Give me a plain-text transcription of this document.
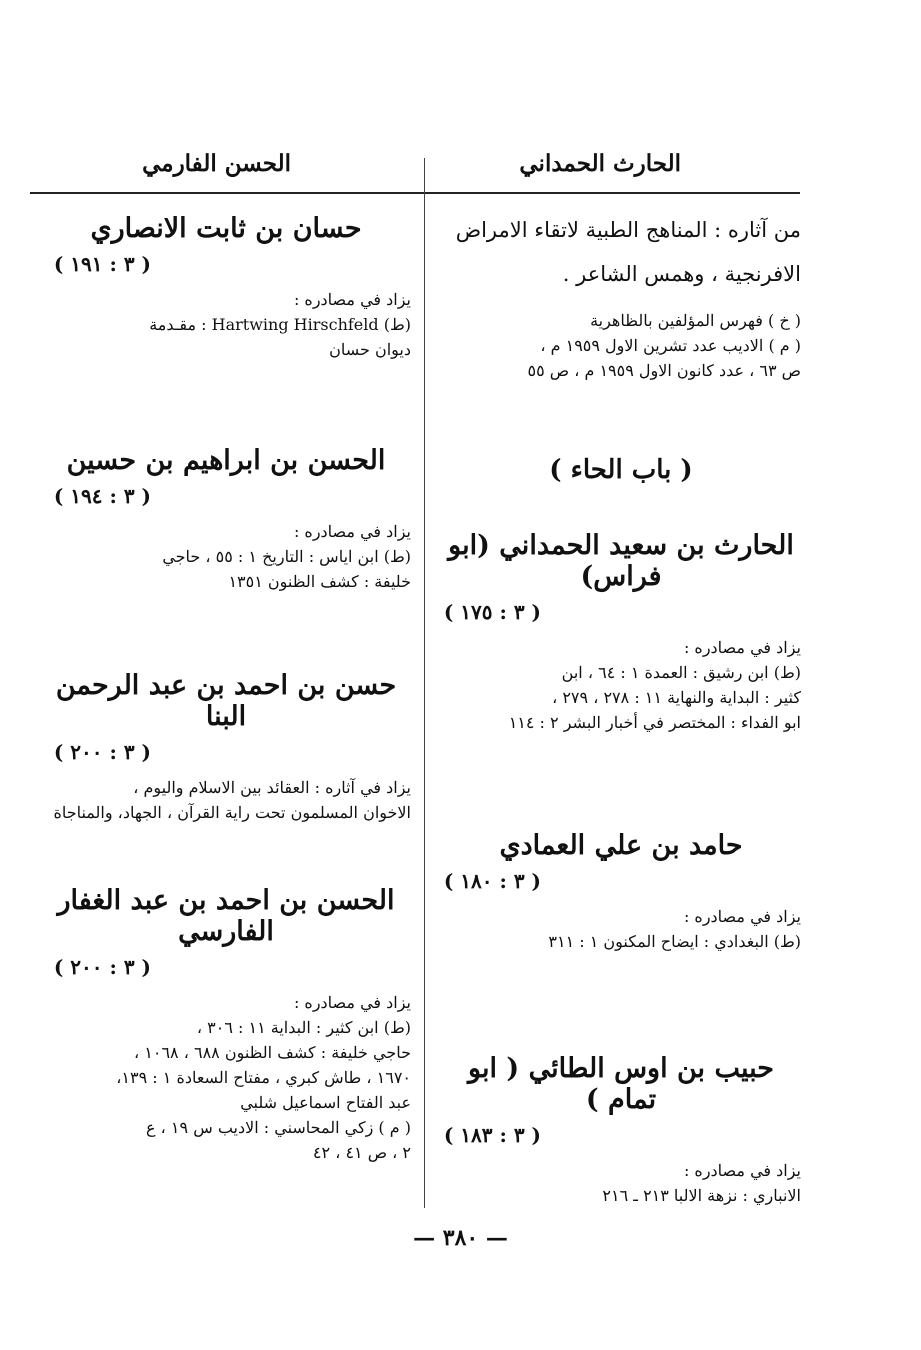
الحارث الحمداني
الحسن الفارمي
من آثاره : المناهج الطبية لاتقاء الامراض
الافرنجية ، وهمس الشاعر .
( خ ) فهرس المؤلفين بالظاهرية
( م ) الاديب عدد تشرين الاول ١٩٥٩ م ،
ص ٦٣ ، عدد كانون الاول ١٩٥٩ م ، ص ٥٥
( باب الحاء )
الحارث بن سعيد الحمداني (ابو فراس)
( ٣ : ١٧٥ )
يزاد في مصادره :
(ط) ابن رشيق : العمدة ١ : ٦٤ ، ابن
كثير : البداية والنهاية ١١ : ٢٧٨ ، ٢٧٩ ،
ابو الفداء : المختصر في أخبار البشر ٢ : ١١٤
حامد بن علي العمادي
( ٣ : ١٨٠ )
يزاد في مصادره :
(ط) البغدادي : ايضاح المكنون ١ : ٣١١
حبيب بن اوس الطائي ( ابو تمام )
( ٣ : ١٨٣ )
يزاد في مصادره :
الانباري : نزهة الالبا ٢١٣ ـ ٢١٦
حسان بن ثابت الانصاري
( ٣ : ١٩١ )
يزاد في مصادره :
(ط) Hartwing Hirschfeld : مقـدمة
ديوان حسان
الحسن بن ابراهيم بن حسين
( ٣ : ١٩٤ )
يزاد في مصادره :
(ط) ابن اياس : التاريخ ١ : ٥٥ ، حاجي
خليفة : كشف الظنون ١٣٥١
حسن بن احمد بن عبد الرحمن البنا
( ٣ : ٢٠٠ )
يزاد في آثاره : العقائد بين الاسلام واليوم ،
الاخوان المسلمون تحت راية القرآن ، الجهاد، والمناجاة
الحسن بن احمد بن عبد الغفار الفارسي
( ٣ : ٢٠٠ )
يزاد في مصادره :
(ط) ابن كثير : البداية ١١ : ٣٠٦ ،
حاجي خليفة : كشف الظنون ٦٨٨ ، ١٠٦٨ ،
١٦٧٠ ، طاش كبري ، مفتاح السعادة ١ : ١٣٩،
عبد الفتاح اسماعيل شلبي
( م ) زكي المحاسني : الاديب س ١٩ ، ع
٢ ، ص ٤١ ، ٤٢
— ٣٨٠ —
